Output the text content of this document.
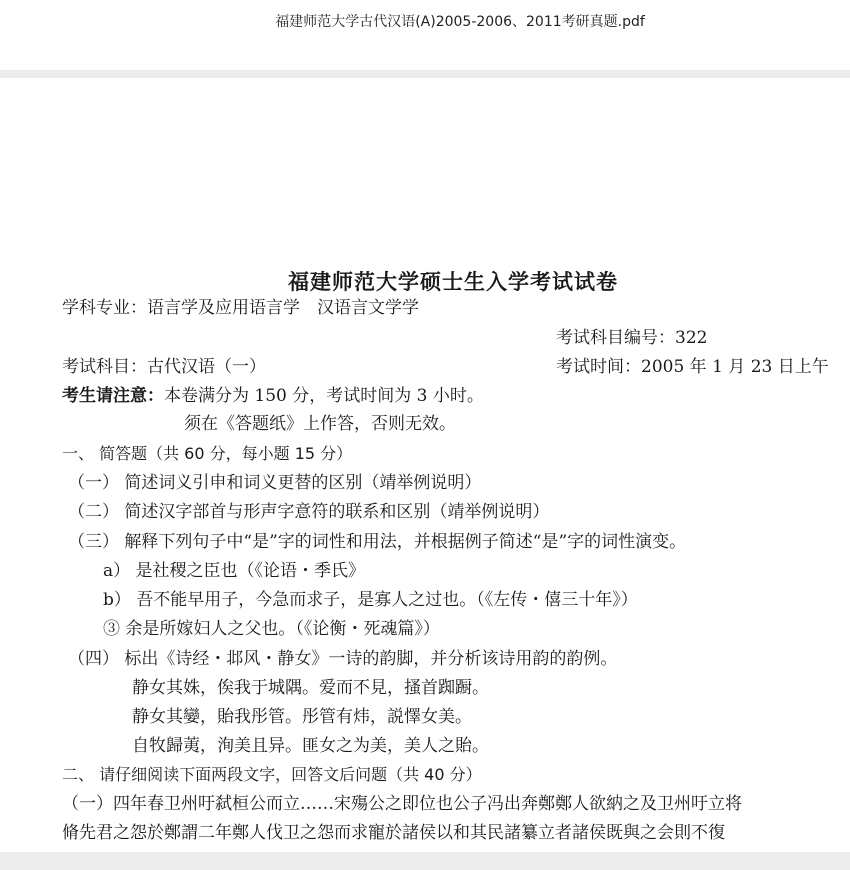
福建师范大学古代汉语(A)2005-2006、2011考研真题.pdf
福建师范大学硕士生入学考试试卷
学科专业：语言学及应用语言学　汉语言文学学
考试科目编号：322
考试科目：古代汉语（一）	考试时间：2005 年 1 月 23 日上午
考生请注意：本卷满分为 150 分，考试时间为 3 小时。
须在《答题纸》上作答，否则无效。
一、 简答题（共 60 分，每小题 15 分）
（一） 简述词义引申和词义更替的区别（靖举例说明）
（二） 简述汉字部首与形声字意符的联系和区别（靖举例说明）
（三） 解释下列句子中“是”字的词性和用法，并根据例子简述“是”字的词性演变。
a） 是社稷之臣也（《论语・季氏》
b） 吾不能早用子，今急而求子，是寡人之过也。（《左传・僖三十年》）
③ 余是所嫁妇人之父也。（《论衡・死魂篇》）
（四） 标出《诗经・邶风・静女》一诗的韵脚，并分析该诗用韵的韵例。
静女其姝，俟我于城隅。爱而不見，搔首踟蹰。
静女其孌，貽我彤管。彤管有炜，説懌女美。
自牧歸荑，洵美且异。匪女之为美，美人之貽。
二、 请仔细阅读下面两段文字，回答文后问题（共 40 分）
（一）四年春卫州吁弑桓公而立……宋殤公之即位也公子冯出奔鄭鄭人欲納之及卫州吁立将
脩先君之怨於鄭謂二年鄭人伐卫之怨而求寵於諸侯以和其民諸纂立者諸侯既與之会則不復
